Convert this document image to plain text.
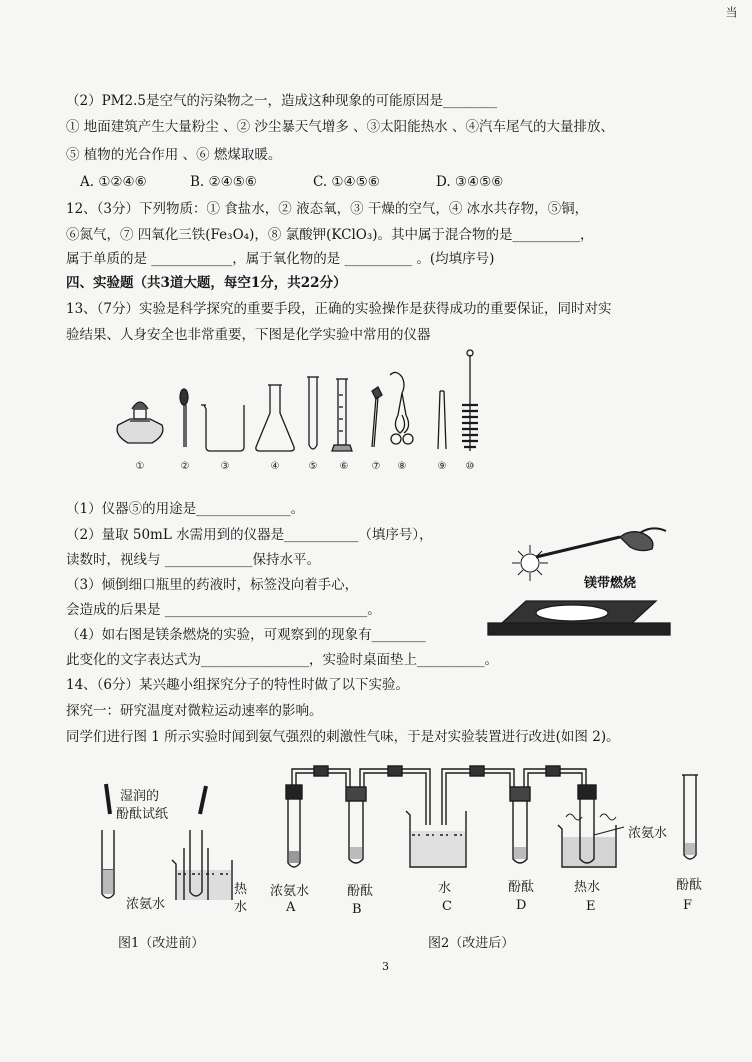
当
（2）PM2.5是空气的污染物之一，造成这种现象的可能原因是________
① 地面建筑产生大量粉尘 、② 沙尘暴天气增多 、③太阳能热水 、④汽车尾气的大量排放、
⑤ 植物的光合作用 、⑥ 燃煤取暖。
A. ①②④⑥	B. ②④⑤⑥	C. ①④⑤⑥	D. ③④⑤⑥
12、（3分）下列物质：① 食盐水，② 液态氧，③ 干燥的空气，④ 冰水共存物，⑤铜，
⑥氮气，⑦ 四氧化三铁(Fe₃O₄)，⑧ 氯酸钾(KClO₃)。其中属于混合物的是__________，
属于单质的是 ____________，属于氧化物的是 __________ 。(均填序号)
四、实验题（共3道大题，每空1分，共22分）
13、（7分）实验是科学探究的重要手段，正确的实验操作是获得成功的重要保证，同时对实
验结果、人身安全也非常重要，下图是化学实验中常用的仪器
①	②	③	④	⑤ ⑥ ⑦ ⑧	⑨ ⑩
（1）仪器⑤的用途是______________。
（2）量取 50mL 水需用到的仪器是___________（填序号），
读数时，视线与 _____________保持水平。
（3）倾倒细口瓶里的药液时，标签没向着手心，
会造成的后果是 ______________________________。
（4）如右图是镁条燃烧的实验，可观察到的现象有________
此变化的文字表达式为________________，实验时桌面垫上__________。
镁带燃烧
14、（6分）某兴趣小组探究分子的特性时做了以下实验。
探究一：研究温度对微粒运动速率的影响。
同学们进行图 1 所示实验时闻到氨气强烈的刺激性气味，于是对实验装置进行改进(如图 2)。
湿润的
酚酞试纸
浓氨水
热
水
图1（改进前）
浓氨水	酚酞	水	酚酞	热水	酚酞
浓氨水
A	B	C	D	E	F
图2（改进后）
3
